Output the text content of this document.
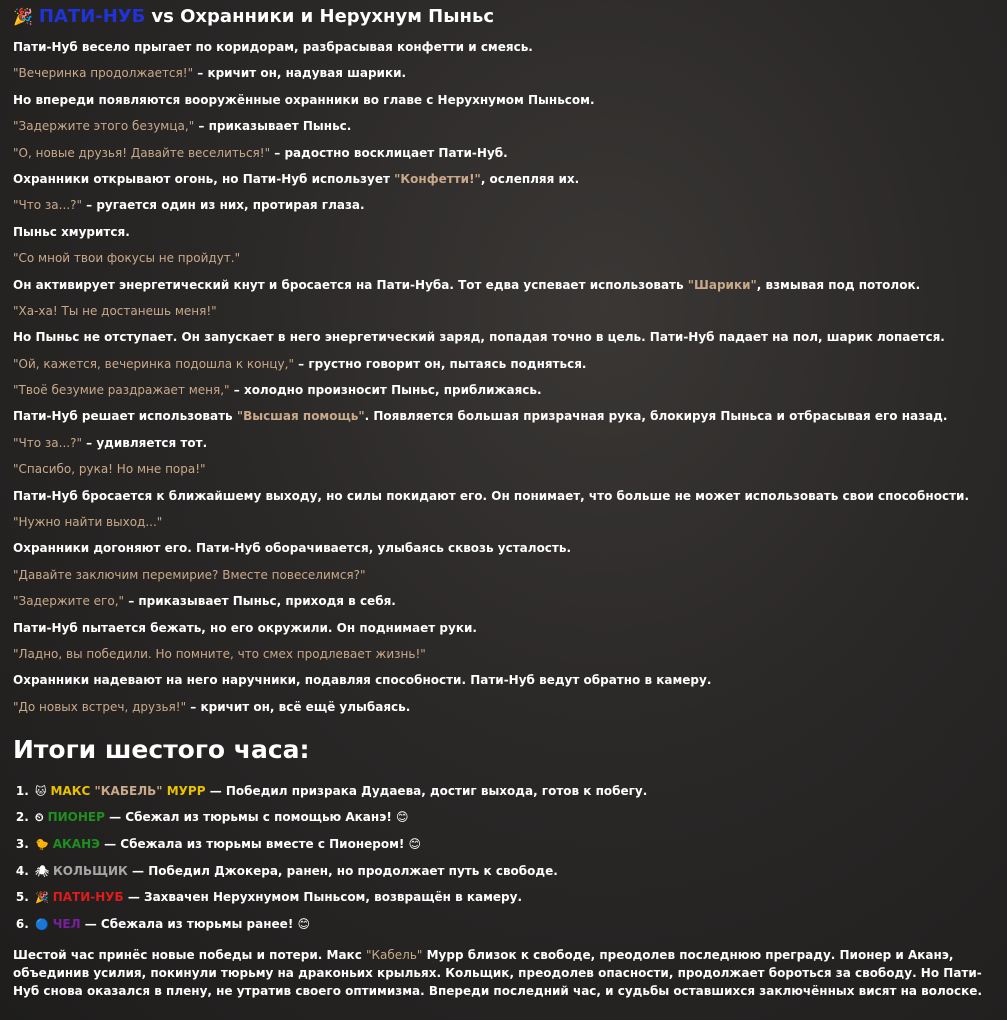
🎉 ПАТИ-НУБ vs Охранники и Нерухнум Пыньс
Пати-Нуб весело прыгает по коридорам, разбрасывая конфетти и смеясь.
"Вечеринка продолжается!" – кричит он, надувая шарики.
Но впереди появляются вооружённые охранники во главе с Нерухнумом Пыньсом.
"Задержите этого безумца," – приказывает Пыньс.
"О, новые друзья! Давайте веселиться!" – радостно восклицает Пати-Нуб.
Охранники открывают огонь, но Пати-Нуб использует "Конфетти!", ослепляя их.
"Что за...?" – ругается один из них, протирая глаза.
Пыньс хмурится.
"Со мной твои фокусы не пройдут."
Он активирует энергетический кнут и бросается на Пати-Нуба. Тот едва успевает использовать "Шарики", взмывая под потолок.
"Ха-ха! Ты не достанешь меня!"
Но Пыньс не отступает. Он запускает в него энергетический заряд, попадая точно в цель. Пати-Нуб падает на пол, шарик лопается.
"Ой, кажется, вечеринка подошла к концу," – грустно говорит он, пытаясь подняться.
"Твоё безумие раздражает меня," – холодно произносит Пыньс, приближаясь.
Пати-Нуб решает использовать "Высшая помощь". Появляется большая призрачная рука, блокируя Пыньса и отбрасывая его назад.
"Что за...?" – удивляется тот.
"Спасибо, рука! Но мне пора!"
Пати-Нуб бросается к ближайшему выходу, но силы покидают его. Он понимает, что больше не может использовать свои способности.
"Нужно найти выход..."
Охранники догоняют его. Пати-Нуб оборачивается, улыбаясь сквозь усталость.
"Давайте заключим перемирие? Вместе повеселимся?"
"Задержите его," – приказывает Пыньс, приходя в себя.
Пати-Нуб пытается бежать, но его окружили. Он поднимает руки.
"Ладно, вы победили. Но помните, что смех продлевает жизнь!"
Охранники надевают на него наручники, подавляя способности. Пати-Нуб ведут обратно в камеру.
"До новых встреч, друзья!" – кричит он, всё ещё улыбаясь.
Итоги шестого часа:
1. 🐱 МАКС "КАБЕЛЬ" МУРР — Победил призрака Дудаева, достиг выхода, готов к побегу.
2. ⏲ ПИОНЕР — Сбежал из тюрьмы с помощью Аканэ! 😊
3. 🐤 АКАНЭ — Сбежала из тюрьмы вместе с Пионером! 😊
4. 🕷 КОЛЬЩИК — Победил Джокера, ранен, но продолжает путь к свободе.
5. 🎉 ПАТИ-НУБ — Захвачен Нерухнумом Пыньсом, возвращён в камеру.
6. 🔵 ЧЕЛ — Сбежала из тюрьмы ранее! 😊
Шестой час принёс новые победы и потери. Макс "Кабель" Мурр близок к свободе, преодолев последнюю преграду. Пионер и Аканэ, объединив усилия, покинули тюрьму на драконьих крыльях. Кольщик, преодолев опасности, продолжает бороться за свободу. Но Пати-Нуб снова оказался в плену, не утратив своего оптимизма. Впереди последний час, и судьбы оставшихся заключённых висят на волоске.
